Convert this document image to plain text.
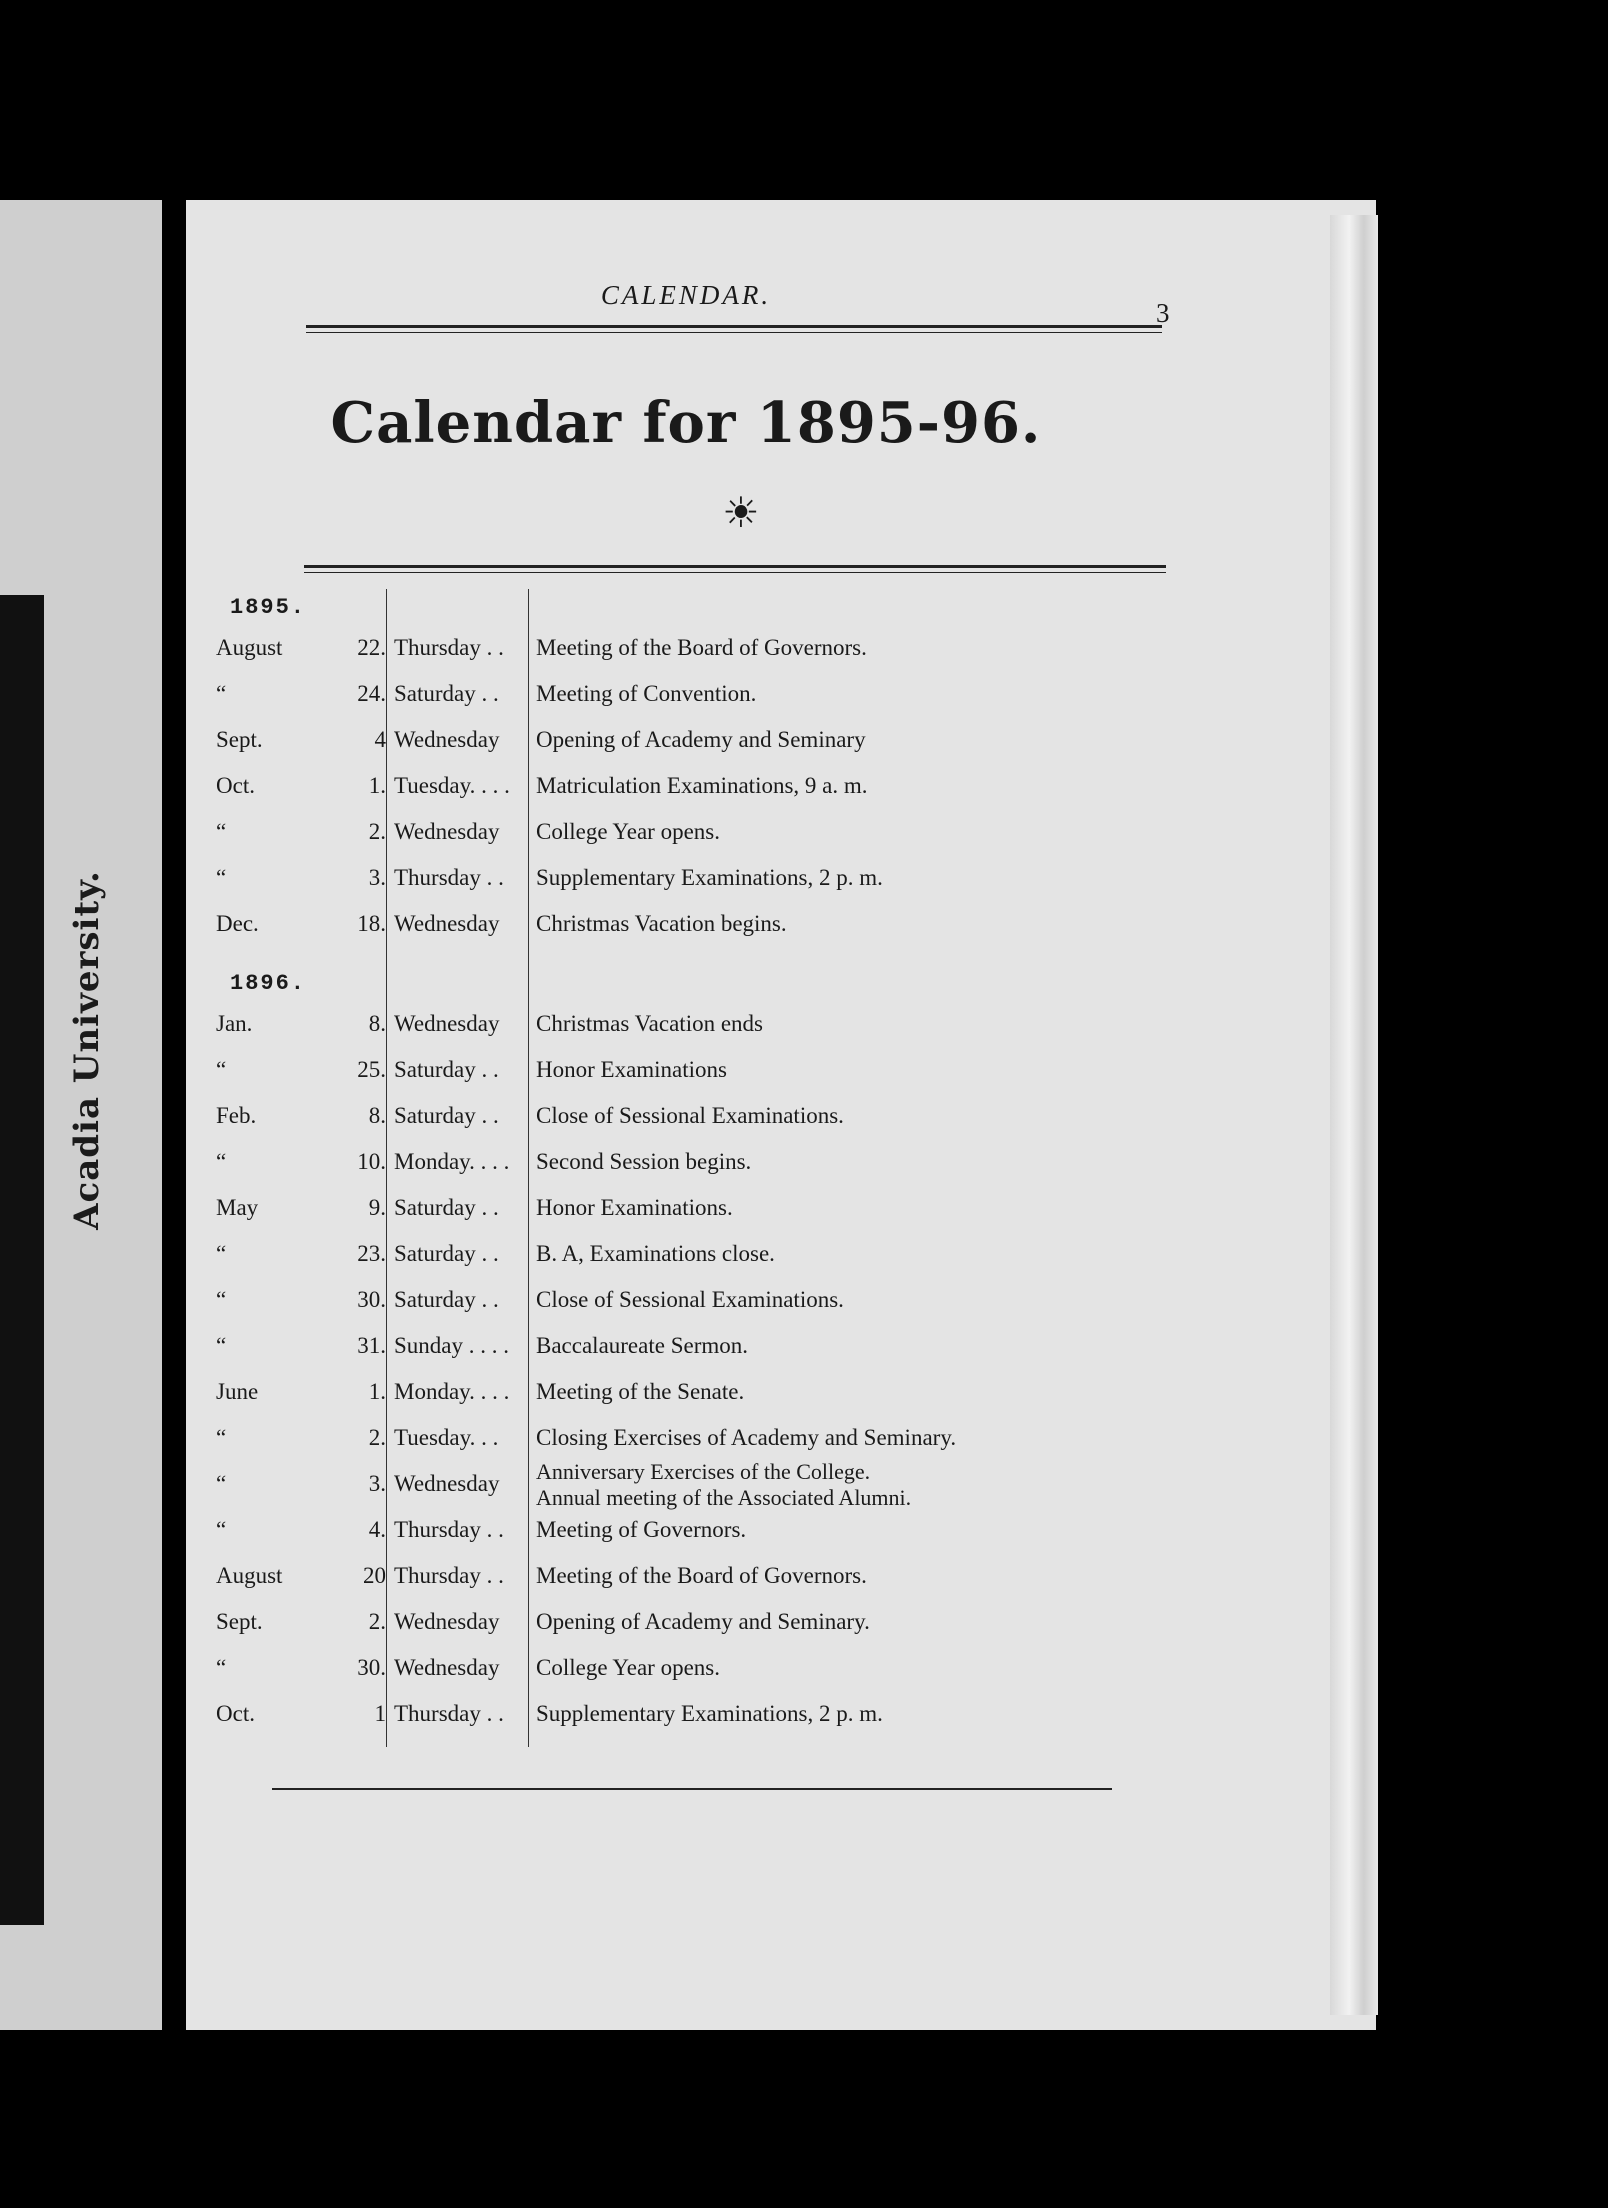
Acadia University.
CALENDAR.
3
Calendar for 1895-96.
☀
1895.
August	22. Thursday . .	Meeting of the Board of Governors.
“	24. Saturday . .	Meeting of Convention.
Sept.	4 Wednesday	Opening of Academy and Seminary
Oct.	1. Tuesday. . . .	Matriculation Examinations, 9 a. m.
“	2. Wednesday	College Year opens.
“	3. Thursday . .	Supplementary Examinations, 2 p. m.
Dec.	18. Wednesday	Christmas Vacation begins.
1896.
Jan.	8. Wednesday	Christmas Vacation ends
“	25. Saturday . .	Honor Examinations
Feb.	8. Saturday . .	Close of Sessional Examinations.
“	10. Monday. . . .	Second Session begins.
May	9. Saturday . .	Honor Examinations.
“	23. Saturday . .	B. A, Examinations close.
“	30. Saturday . .	Close of Sessional Examinations.
“	31. Sunday . . . .	Baccalaureate Sermon.
June	1. Monday. . . .	Meeting of the Senate.
“	2. Tuesday. . .	Closing Exercises of Academy and Seminary.
“	3. Wednesday	Anniversary Exercises of the College.
Annual meeting of the Associated Alumni.
“	4. Thursday . .	Meeting of Governors.
August	20 Thursday . .	Meeting of the Board of Governors.
Sept.	2. Wednesday	Opening of Academy and Seminary.
“	30. Wednesday	College Year opens.
Oct.	1 Thursday . .	Supplementary Examinations, 2 p. m.
